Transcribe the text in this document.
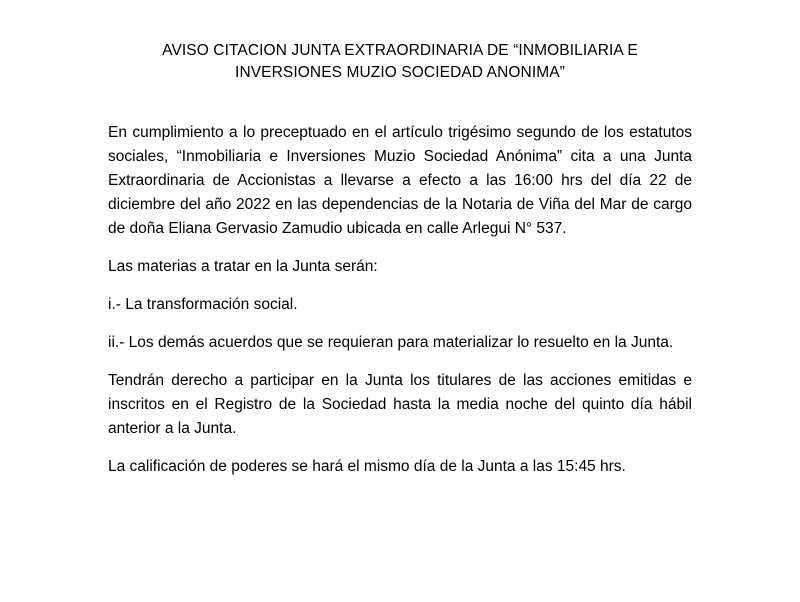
AVISO CITACION JUNTA EXTRAORDINARIA DE “INMOBILIARIA E INVERSIONES MUZIO SOCIEDAD ANONIMA”

En cumplimiento a lo preceptuado en el artículo trigésimo segundo de los estatutos sociales, “Inmobiliaria e Inversiones Muzio Sociedad Anónima” cita a una Junta Extraordinaria de Accionistas a llevarse a efecto a las 16:00 hrs del día 22 de diciembre del año 2022 en las dependencias de la Notaria de Viña del Mar de cargo de doña Eliana Gervasio Zamudio ubicada en calle Arlegui N° 537.

Las materias a tratar en la Junta serán:

i.- La transformación social.

ii.- Los demás acuerdos que se requieran para materializar lo resuelto en la Junta.

Tendrán derecho a participar en la Junta los titulares de las acciones emitidas e inscritos en el Registro de la Sociedad hasta la media noche del quinto día hábil anterior a la Junta.

La calificación de poderes se hará el mismo día de la Junta a las 15:45 hrs.
